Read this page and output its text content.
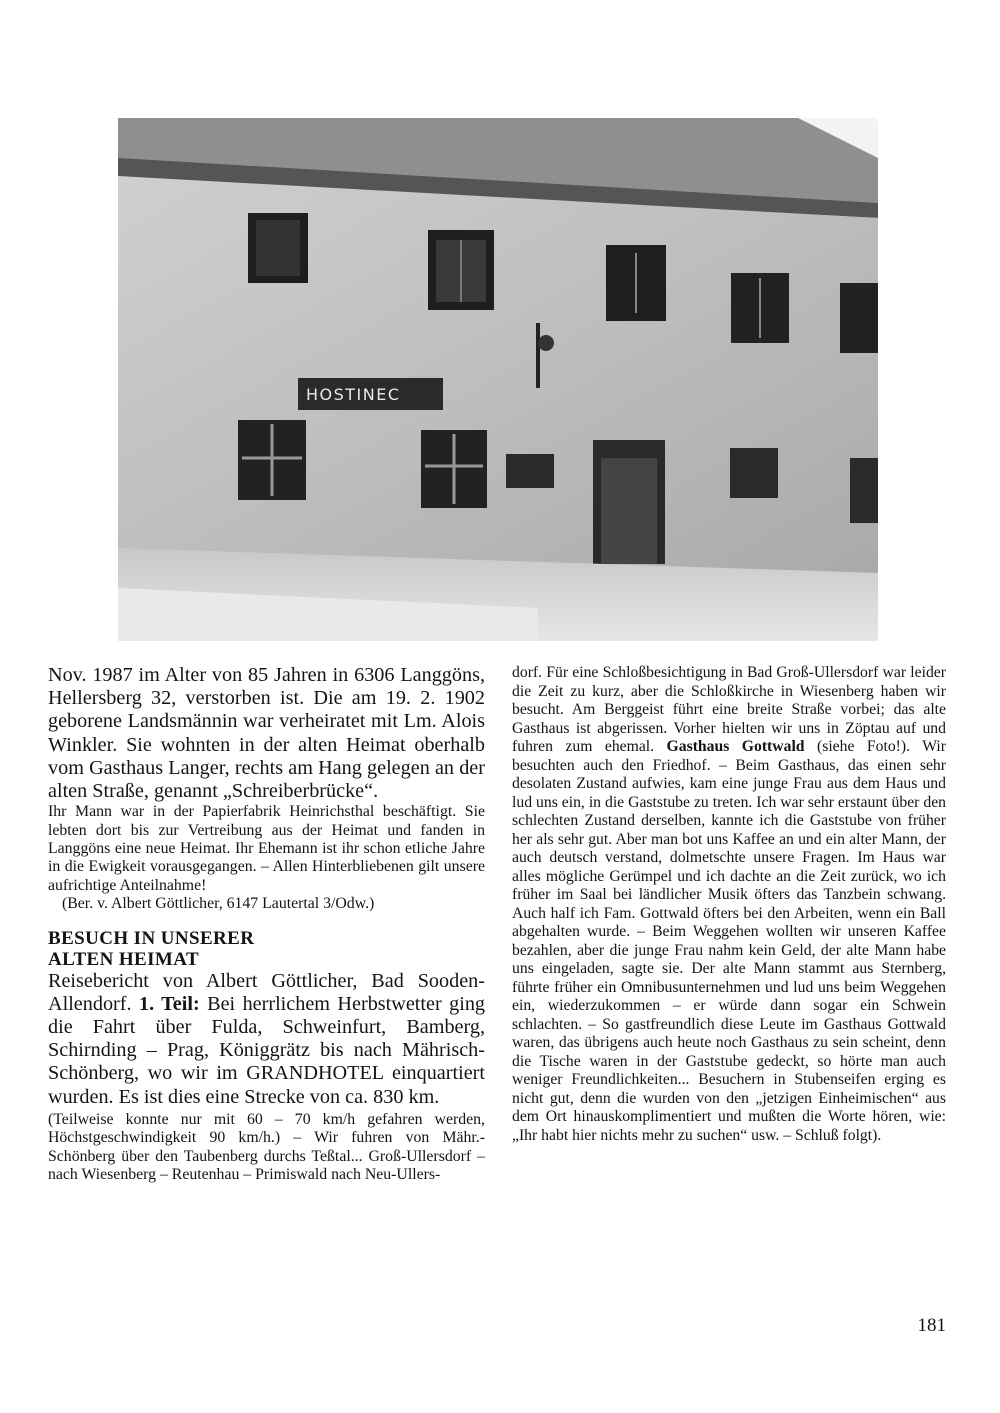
HOSTINEC

Nov. 1987 im Alter von 85 Jahren in 6306 Langgöns, Hellersberg 32, verstorben ist. Die am 19. 2. 1902 geborene Landsmännin war verheiratet mit Lm. Alois Winkler. Sie wohnten in der alten Heimat oberhalb vom Gasthaus Langer, rechts am Hang gelegen an der alten Straße, genannt „Schreiberbrücke“.

Ihr Mann war in der Papierfabrik Heinrichsthal beschäftigt. Sie lebten dort bis zur Vertreibung aus der Heimat und fanden in Langgöns eine neue Heimat. Ihr Ehemann ist ihr schon etliche Jahre in die Ewigkeit vorausgegangen. – Allen Hinterbliebenen gilt unsere aufrichtige Anteilnahme!

(Ber. v. Albert Göttlicher, 6147 Lautertal 3/Odw.)

BESUCH IN UNSERER
ALTEN HEIMAT

Reisebericht von Albert Göttlicher, Bad Sooden-Allendorf. 1. Teil: Bei herrlichem Herbstwetter ging die Fahrt über Fulda, Schweinfurt, Bamberg, Schirnding – Prag, Königgrätz bis nach Mährisch-Schönberg, wo wir im GRANDHOTEL einquartiert wurden. Es ist dies eine Strecke von ca. 830 km.

(Teilweise konnte nur mit 60 – 70 km/h gefahren werden, Höchstgeschwindigkeit 90 km/h.) – Wir fuhren von Mähr.-Schönberg über den Taubenberg durchs Teßtal... Groß-Ullersdorf – nach Wiesenberg – Reutenhau – Primiswald nach Neu-Ullers-

dorf. Für eine Schloßbesichtigung in Bad Groß-Ullersdorf war leider die Zeit zu kurz, aber die Schloßkirche in Wiesenberg haben wir besucht. Am Berggeist führt eine breite Straße vorbei; das alte Gasthaus ist abgerissen. Vorher hielten wir uns in Zöptau auf und fuhren zum ehemal. Gasthaus Gottwald (siehe Foto!). Wir besuchten auch den Friedhof. – Beim Gasthaus, das einen sehr desolaten Zustand aufwies, kam eine junge Frau aus dem Haus und lud uns ein, in die Gaststube zu treten. Ich war sehr erstaunt über den schlechten Zustand derselben, kannte ich die Gaststube von früher her als sehr gut. Aber man bot uns Kaffee an und ein alter Mann, der auch deutsch verstand, dolmetschte unsere Fragen. Im Haus war alles mögliche Gerümpel und ich dachte an die Zeit zurück, wo ich früher im Saal bei ländlicher Musik öfters das Tanzbein schwang. Auch half ich Fam. Gottwald öfters bei den Arbeiten, wenn ein Ball abgehalten wurde. – Beim Weggehen wollten wir unseren Kaffee bezahlen, aber die junge Frau nahm kein Geld, der alte Mann habe uns eingeladen, sagte sie. Der alte Mann stammt aus Sternberg, führte früher ein Omnibusunternehmen und lud uns beim Weggehen ein, wiederzukommen – er würde dann sogar ein Schwein schlachten. – So gastfreundlich diese Leute im Gasthaus Gottwald waren, das übrigens auch heute noch Gasthaus zu sein scheint, denn die Tische waren in der Gaststube gedeckt, so hörte man auch weniger Freundlichkeiten... Besuchern in Stubenseifen erging es nicht gut, denn die wurden von den „jetzigen Einheimischen“ aus dem Ort hinauskomplimentiert und mußten die Worte hören, wie: „Ihr habt hier nichts mehr zu suchen“ usw. – Schluß folgt).

181
